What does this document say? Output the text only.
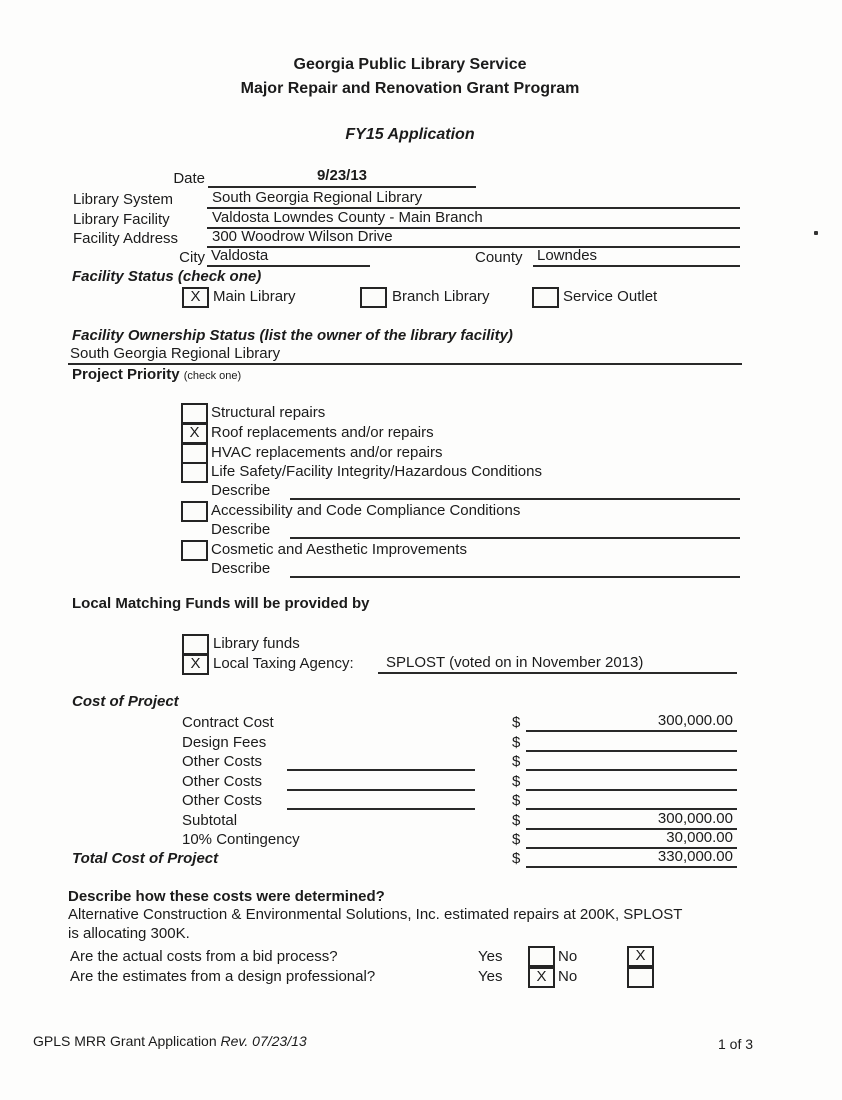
Georgia Public Library Service
Major Repair and Renovation Grant Program
FY15 Application
Date	9/23/13
Library System	South Georgia Regional Library
Library Facility	Valdosta Lowndes County - Main Branch
Facility Address	300 Woodrow Wilson Drive
City Valdosta	County Lowndes
Facility Status (check one)
X Main Library	Branch Library	Service Outlet
Facility Ownership Status (list the owner of the library facility)
South Georgia Regional Library
Project Priority (check one)
Structural repairs
X Roof replacements and/or repairs
HVAC replacements and/or repairs
Life Safety/Facility Integrity/Hazardous Conditions
Describe
Accessibility and Code Compliance Conditions
Describe
Cosmetic and Aesthetic Improvements
Describe
Local Matching Funds will be provided by
Library funds
X Local Taxing Agency:	SPLOST (voted on in November 2013)
Cost of Project
Contract Cost	$	300,000.00
Design Fees	$
Other Costs	$
Other Costs	$
Other Costs	$
Subtotal	$	300,000.00
10% Contingency	$	30,000.00
Total Cost of Project	$	330,000.00
Describe how these costs were determined?
Alternative Construction & Environmental Solutions, Inc. estimated repairs at 200K, SPLOST
is allocating 300K.
Are the actual costs from a bid process?	Yes	No	X
Are the estimates from a design professional?	Yes	X No
GPLS MRR Grant Application Rev. 07/23/13	1 of 3
